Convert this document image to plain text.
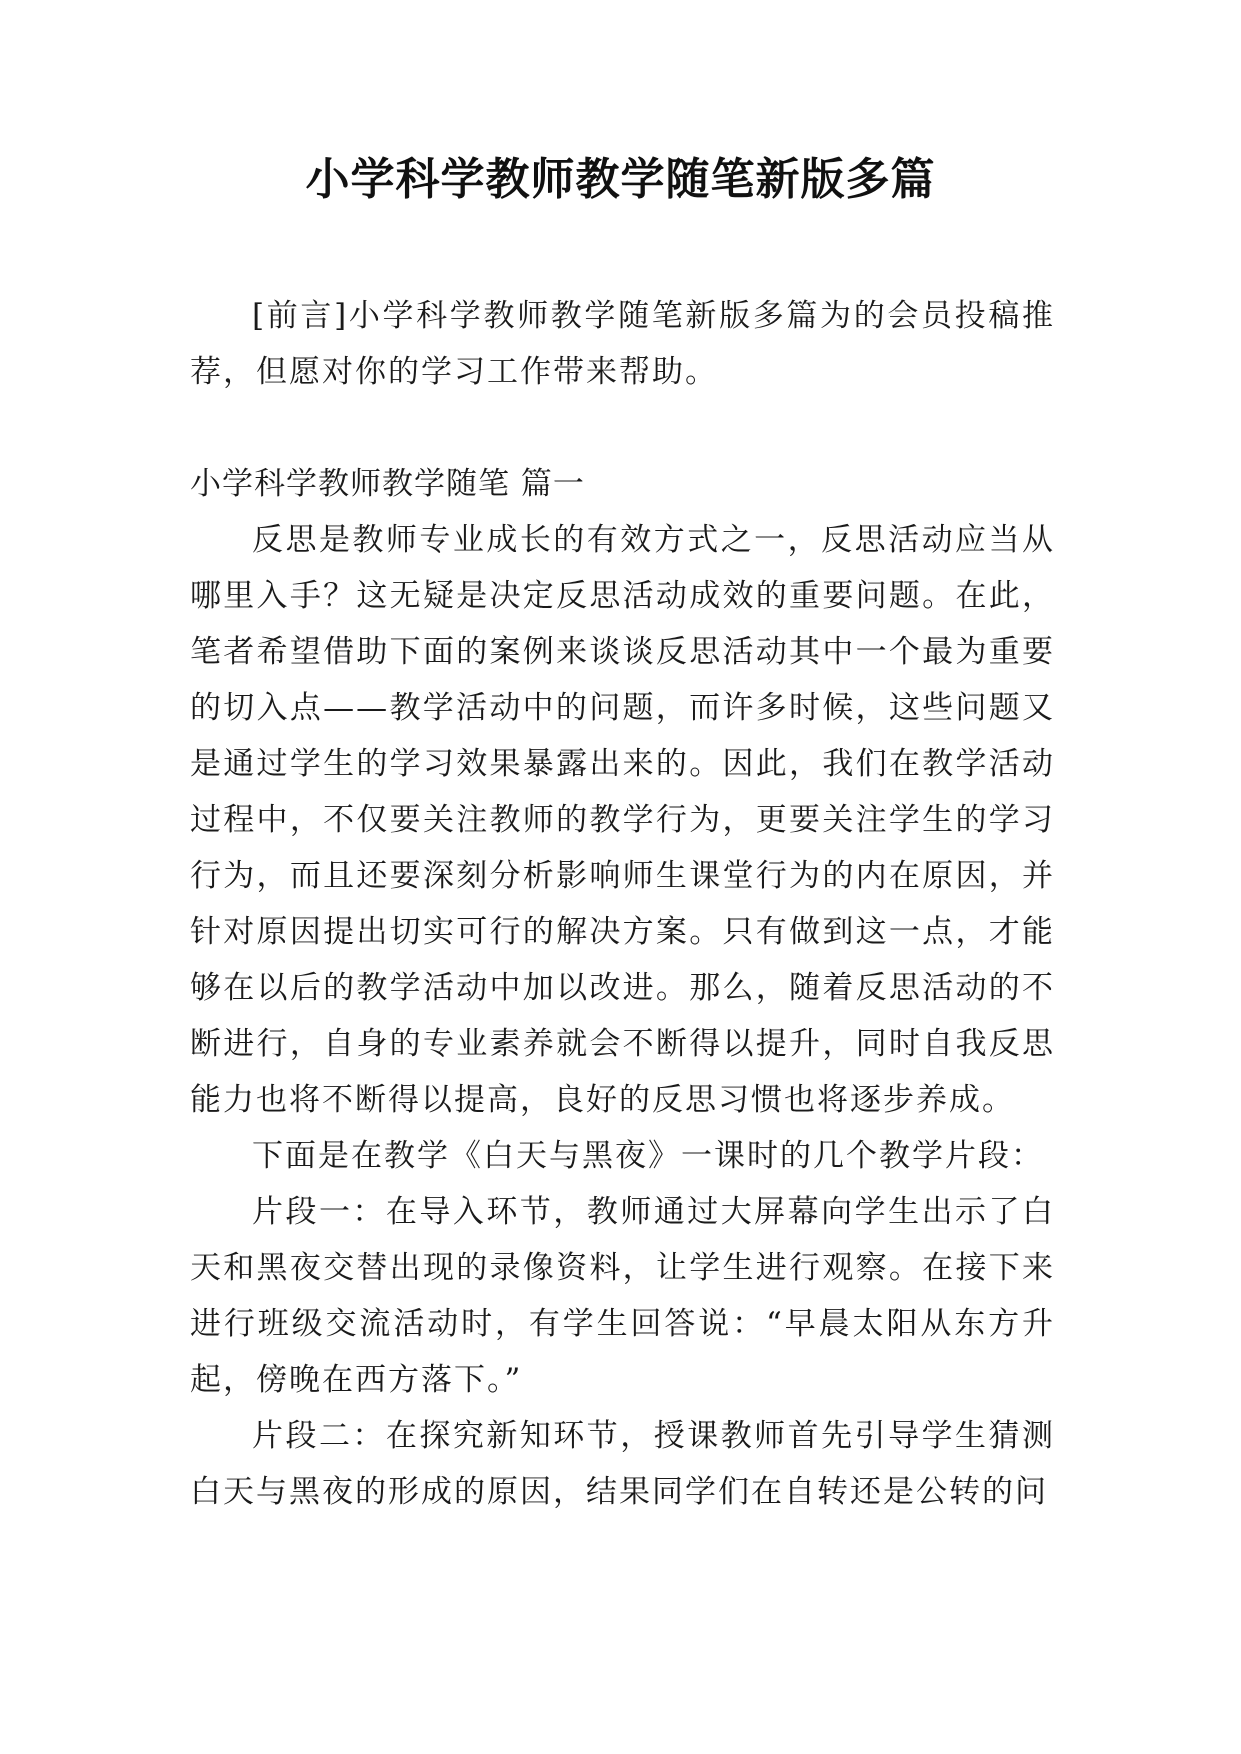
小学科学教师教学随笔新版多篇

[前言]小学科学教师教学随笔新版多篇为的会员投稿推荐，但愿对你的学习工作带来帮助。

小学科学教师教学随笔 篇一

反思是教师专业成长的有效方式之一，反思活动应当从哪里入手？这无疑是决定反思活动成效的重要问题。在此，笔者希望借助下面的案例来谈谈反思活动其中一个最为重要的切入点——教学活动中的问题，而许多时候，这些问题又是通过学生的学习效果暴露出来的。因此，我们在教学活动过程中，不仅要关注教师的教学行为，更要关注学生的学习行为，而且还要深刻分析影响师生课堂行为的内在原因，并针对原因提出切实可行的解决方案。只有做到这一点，才能够在以后的教学活动中加以改进。那么，随着反思活动的不断进行，自身的专业素养就会不断得以提升，同时自我反思能力也将不断得以提高，良好的反思习惯也将逐步养成。

下面是在教学《白天与黑夜》一课时的几个教学片段：

片段一：在导入环节，教师通过大屏幕向学生出示了白天和黑夜交替出现的录像资料，让学生进行观察。在接下来进行班级交流活动时，有学生回答说：“早晨太阳从东方升起，傍晚在西方落下。”

片段二：在探究新知环节，授课教师首先引导学生猜测白天与黑夜的形成的原因，结果同学们在自转还是公转的问
